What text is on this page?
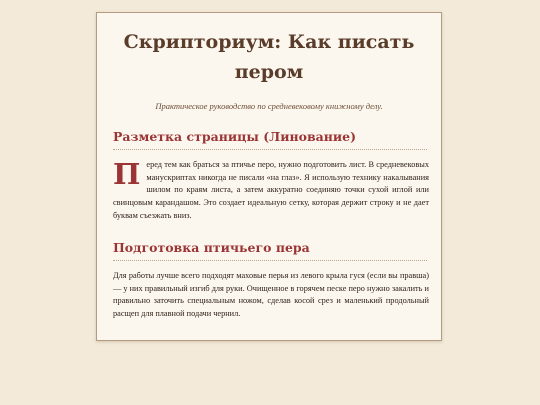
Скрипториум: Как писать пером

Практическое руководство по средневековому книжному делу.

Разметка страницы (Линование)

Перед тем как браться за птичье перо, нужно подготовить лист. В средневековых манускриптах никогда не писали «на глаз». Я использую технику накалывания шилом по краям листа, а затем аккуратно соединяю точки сухой иглой или свинцовым карандашом. Это создает идеальную сетку, которая держит строку и не дает буквам съезжать вниз.

Подготовка птичьего пера

Для работы лучше всего подходят маховые перья из левого крыла гуся (если вы правша) — у них правильный изгиб для руки. Очищенное в горячем песке перо нужно закалить и правильно заточить специальным ножом, сделав косой срез и маленький продольный расщеп для плавной подачи чернил.
